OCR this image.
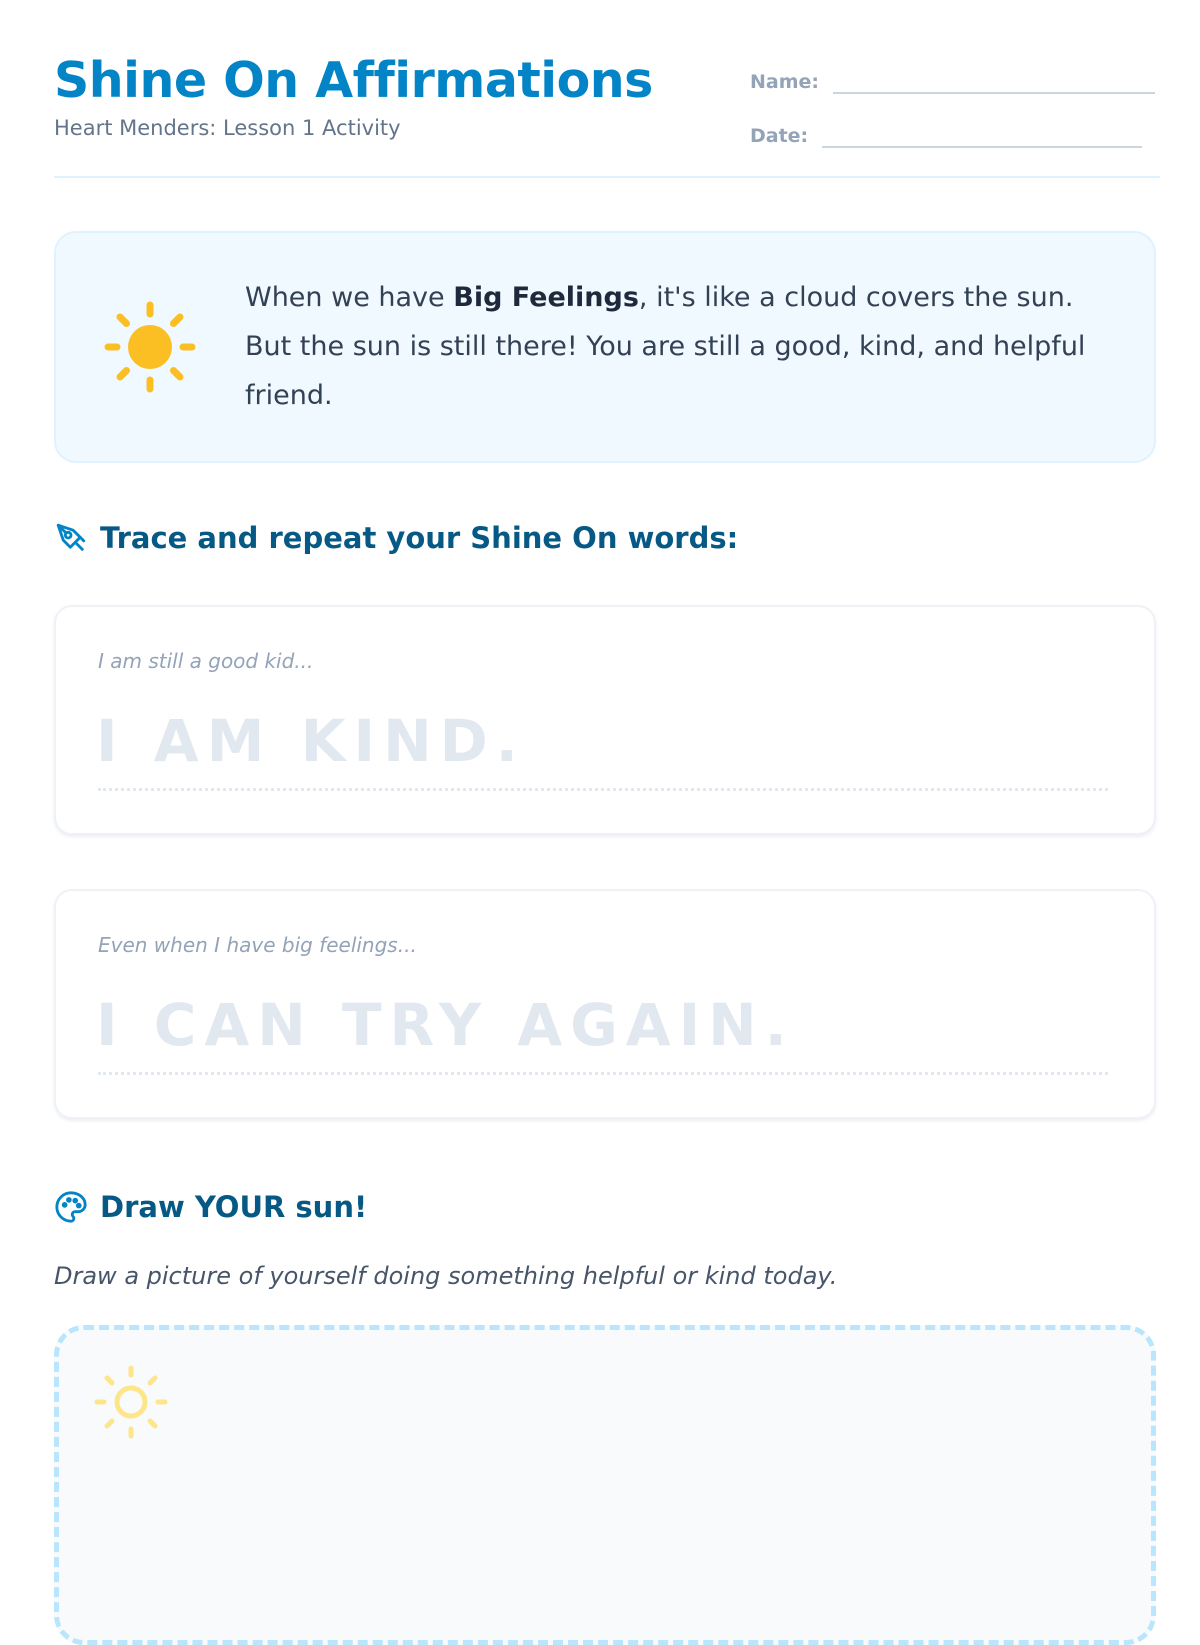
Shine On Affirmations
Heart Menders: Lesson 1 Activity
Name:
Date:

When we have Big Feelings, it's like a cloud covers the sun. But the sun is still there! You are still a good, kind, and helpful friend.

Trace and repeat your Shine On words:
I am still a good kid...
I AM KIND.
Even when I have big feelings...
I CAN TRY AGAIN.
Draw YOUR sun!
Draw a picture of yourself doing something helpful or kind today.
